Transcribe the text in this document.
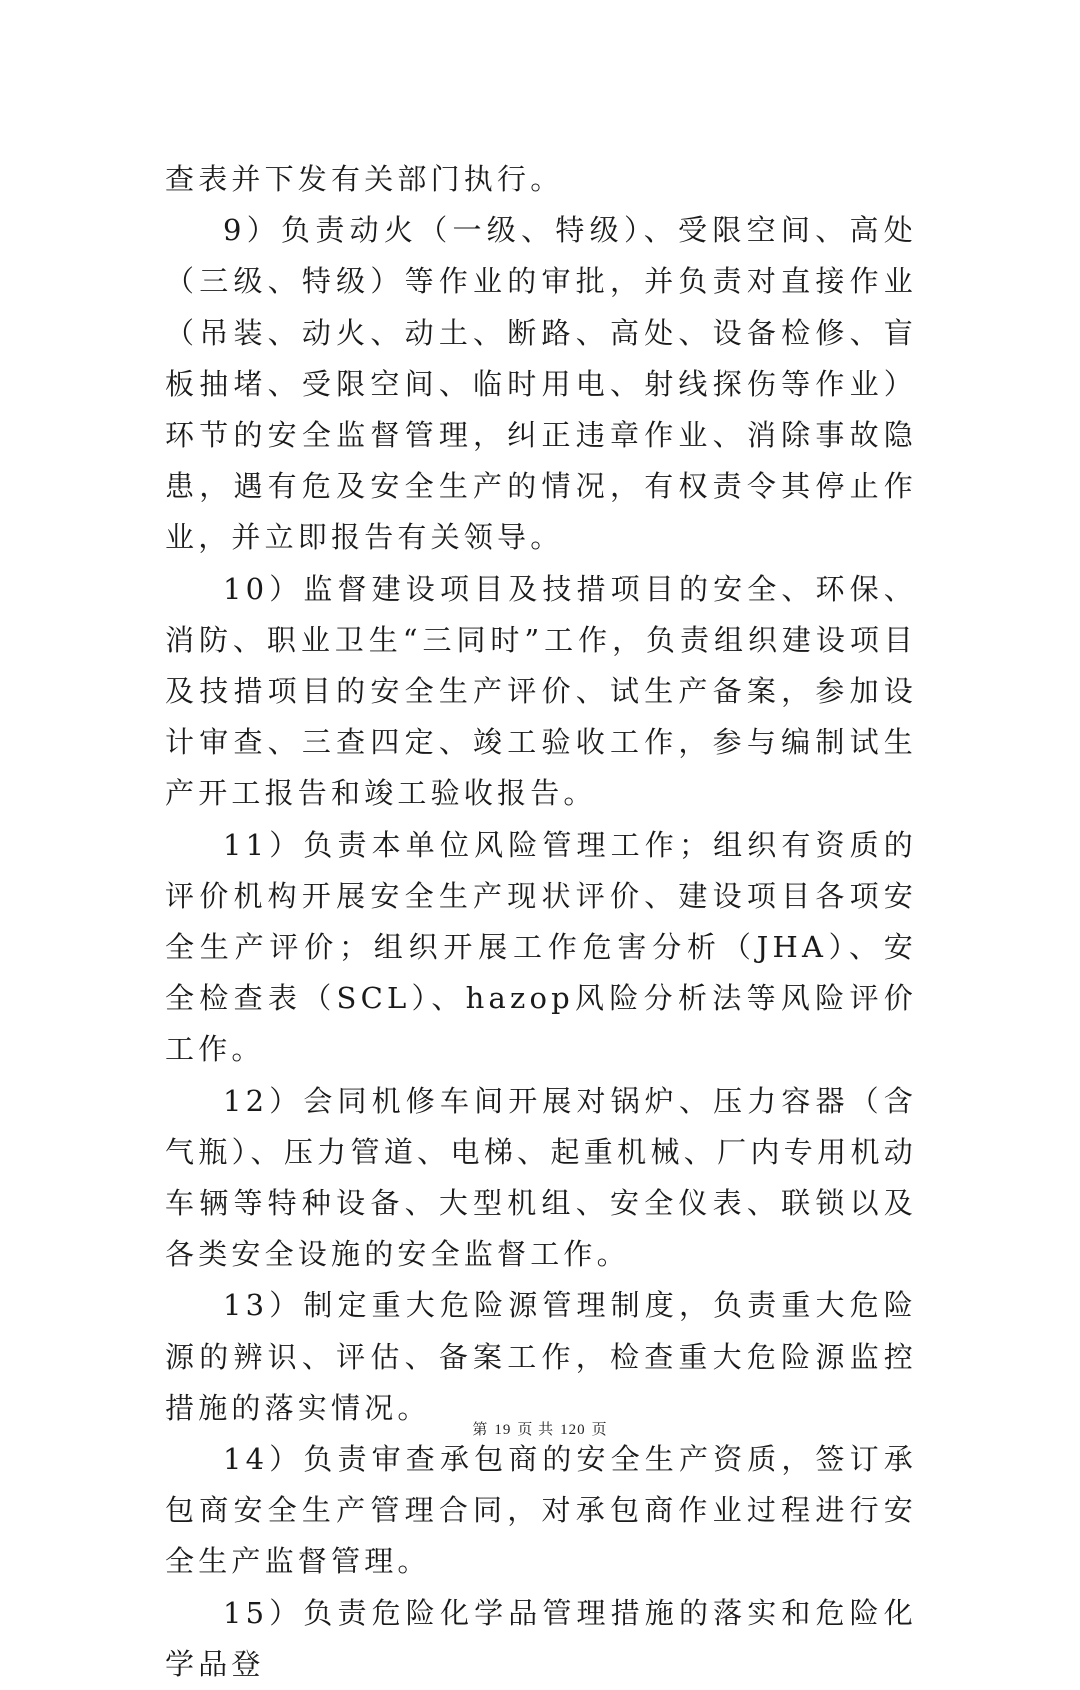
查表并下发有关部门执行。

9）负责动火（一级、特级）、受限空间、高处（三级、特级）等作业的审批，并负责对直接作业（吊装、动火、动土、断路、高处、设备检修、盲板抽堵、受限空间、临时用电、射线探伤等作业）环节的安全监督管理，纠正违章作业、消除事故隐患，遇有危及安全生产的情况，有权责令其停止作业，并立即报告有关领导。

10）监督建设项目及技措项目的安全、环保、消防、职业卫生“三同时”工作，负责组织建设项目及技措项目的安全生产评价、试生产备案，参加设计审查、三查四定、竣工验收工作，参与编制试生产开工报告和竣工验收报告。

11）负责本单位风险管理工作；组织有资质的评价机构开展安全生产现状评价、建设项目各项安全生产评价；组织开展工作危害分析（JHA）、安全检查表（SCL）、hazop风险分析法等风险评价工作。

12）会同机修车间开展对锅炉、压力容器（含气瓶）、压力管道、电梯、起重机械、厂内专用机动车辆等特种设备、大型机组、安全仪表、联锁以及各类安全设施的安全监督工作。

13）制定重大危险源管理制度，负责重大危险源的辨识、评估、备案工作，检查重大危险源监控措施的落实情况。

14）负责审查承包商的安全生产资质，签订承包商安全生产管理合同，对承包商作业过程进行安全生产监督管理。

15）负责危险化学品管理措施的落实和危险化学品登

第 19 页 共 120 页
